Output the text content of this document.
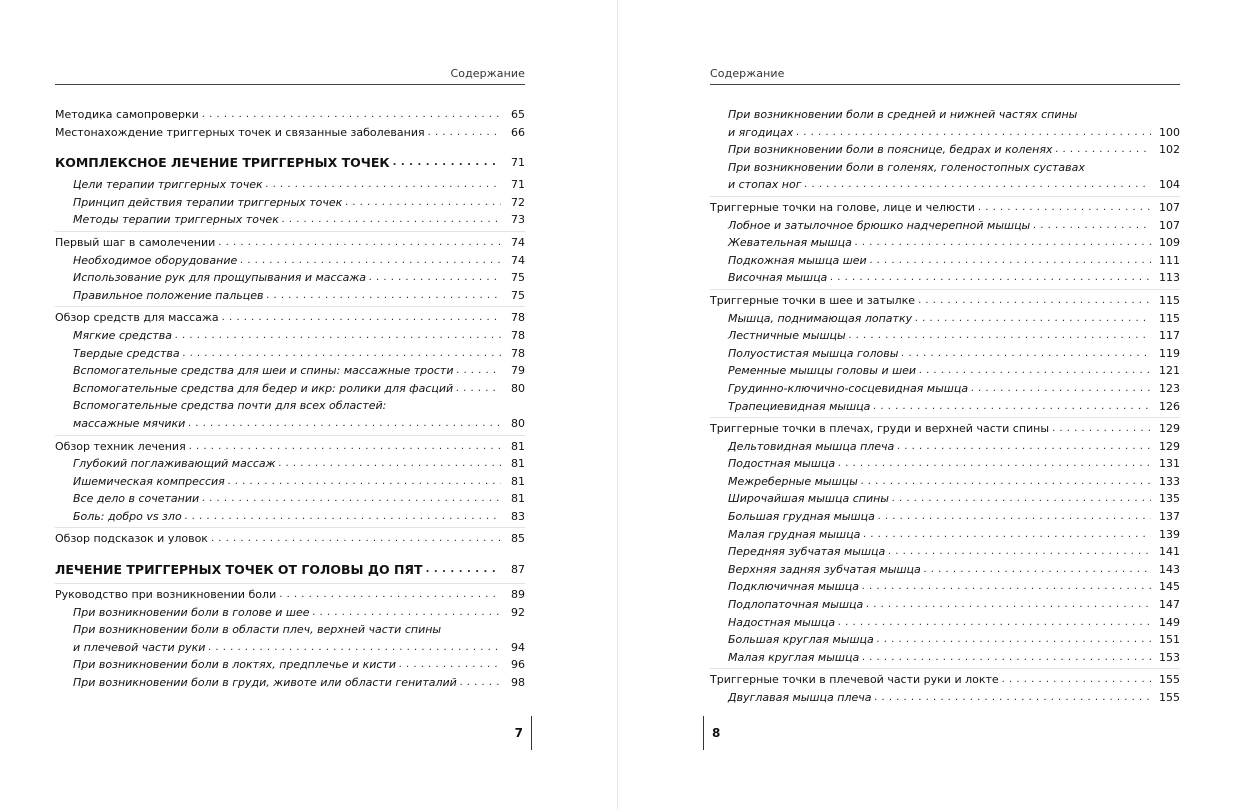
Содержание
Методика самопроверки . . .	65
Местонахождение триггерных точек и связанные заболевания . . .	66
КОМПЛЕКСНОЕ ЛЕЧЕНИЕ ТРИГГЕРНЫХ ТОЧЕК . . .	71
Цели терапии триггерных точек . . .	71
Принцип действия терапии триггерных точек . . .	72
Методы терапии триггерных точек . . .	73
Первый шаг в самолечении . . .	74
Необходимое оборудование . . .	74
Использование рук для прощупывания и массажа . . .	75
Правильное положение пальцев . . .	75
Обзор средств для массажа . . .	78
Мягкие средства . . .	78
Твердые средства . . .	78
Вспомогательные средства для шеи и спины: массажные трости . . .	79
Вспомогательные средства для бедер и икр: ролики для фасций . . .	80
Вспомогательные средства почти для всех областей:
массажные мячики . . .	80
Обзор техник лечения . . .	81
Глубокий поглаживающий массаж . . .	81
Ишемическая компрессия . . .	81
Все дело в сочетании . . .	81
Боль: добро vs зло . . .	83
Обзор подсказок и уловок . . .	85
ЛЕЧЕНИЕ ТРИГГЕРНЫХ ТОЧЕК ОТ ГОЛОВЫ ДО ПЯТ . . .	87
Руководство при возникновении боли . . .	89
При возникновении боли в голове и шее . . .	92
При возникновении боли в области плеч, верхней части спины
и плечевой части руки . . .	94
При возникновении боли в локтях, предплечье и кисти . . .	96
При возникновении боли в груди, животе или области гениталий . . .	98
7
Содержание
При возникновении боли в средней и нижней частях спины
и ягодицах . . .	100
При возникновении боли в пояснице, бедрах и коленях . . .	102
При возникновении боли в голенях, голеностопных суставах
и стопах ног . . .	104
Триггерные точки на голове, лице и челюсти . . .	107
Лобное и затылочное брюшко надчерепной мышцы . . .	107
Жевательная мышца . . .	109
Подкожная мышца шеи . . .	111
Височная мышца . . .	113
Триггерные точки в шее и затылке . . .	115
Мышца, поднимающая лопатку . . .	115
Лестничные мышцы . . .	117
Полуостистая мышца головы . . .	119
Ременные мышцы головы и шеи . . .	121
Грудинно-ключично-сосцевидная мышца . . .	123
Трапециевидная мышца . . .	126
Триггерные точки в плечах, груди и верхней части спины . . .	129
Дельтовидная мышца плеча . . .	129
Подостная мышца . . .	131
Межреберные мышцы . . .	133
Широчайшая мышца спины . . .	135
Большая грудная мышца . . .	137
Малая грудная мышца . . .	139
Передняя зубчатая мышца . . .	141
Верхняя задняя зубчатая мышца . . .	143
Подключичная мышца . . .	145
Подлопаточная мышца . . .	147
Надостная мышца . . .	149
Большая круглая мышца . . .	151
Малая круглая мышца . . .	153
Триггерные точки в плечевой части руки и локте . . .	155
Двуглавая мышца плеча . . .	155
8
